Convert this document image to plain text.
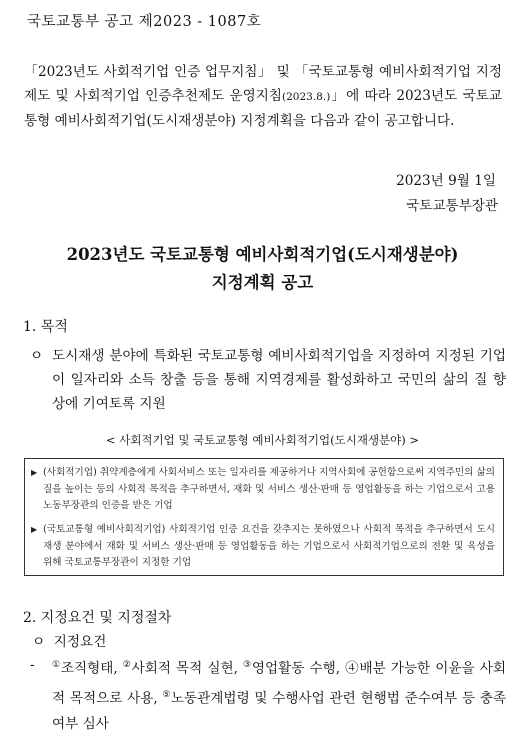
국토교통부 공고 제2023 - 1087호
「2023년도 사회적기업 인증 업무지침」 및 「국토교통형 예비사회적기업 지정제도 및 사회적기업 인증추천제도 운영지침(2023.8.)」에 따라 2023년도 국토교통형 예비사회적기업(도시재생분야) 지정계획을 다음과 같이 공고합니다.
2023년 9월 1일
국토교통부장관
2023년도 국토교통형 예비사회적기업(도시재생분야)
지정계획 공고
1. 목적
ㅇ 도시재생 분야에 특화된 국토교통형 예비사회적기업을 지정하여 지정된 기업이 일자리와 소득 창출 등을 통해 지역경제를 활성화하고 국민의 삶의 질 향상에 기여토록 지원
< 사회적기업 및 국토교통형 예비사회적기업(도시재생분야) >
▶ (사회적기업) 취약계층에게 사회서비스 또는 일자리를 제공하거나 지역사회에 공헌함으로써 지역주민의 삶의 질을 높이는 등의 사회적 목적을 추구하면서, 재화 및 서비스 생산·판매 등 영업활동을 하는 기업으로서 고용노동부장관의 인증을 받은 기업
▶ (국토교통형 예비사회적기업) 사회적기업 인증 요건을 갖추지는 못하였으나 사회적 목적을 추구하면서 도시재생 분야에서 재화 및 서비스 생산·판매 등 영업활동을 하는 기업으로서 사회적기업으로의 전환 및 육성을 위해 국토교통부장관이 지정한 기업
2. 지정요건 및 지정절차
ㅇ 지정요건
- ①조직형태, ②사회적 목적 실현, ③영업활동 수행, ④배분 가능한 이윤을 사회적 목적으로 사용, ⑤노동관계법령 및 수행사업 관련 현행법 준수여부 등 충족여부 심사
